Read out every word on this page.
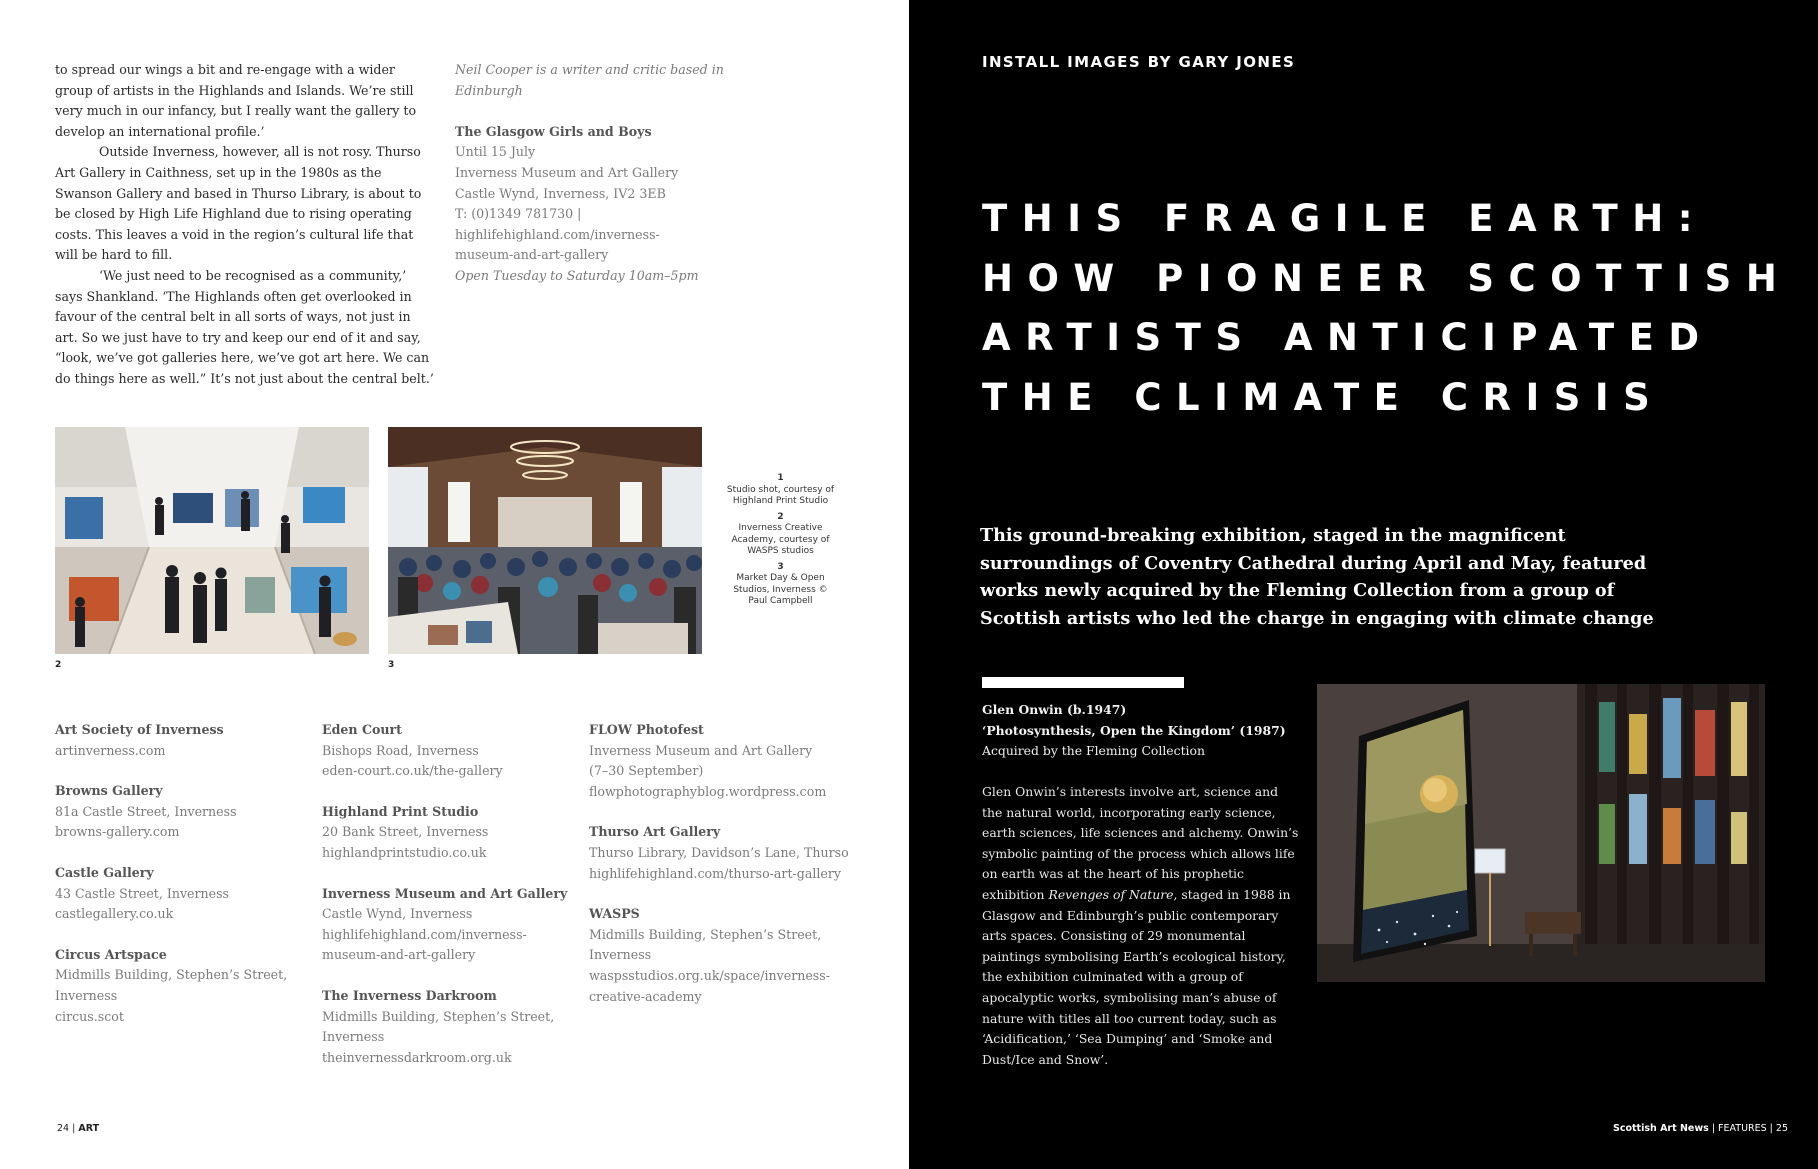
to spread our wings a bit and re-engage with a wider group of artists in the Highlands and Islands. We’re still very much in our infancy, but I really want the gallery to develop an international profile.’

Outside Inverness, however, all is not rosy. Thurso Art Gallery in Caithness, set up in the 1980s as the Swanson Gallery and based in Thurso Library, is about to be closed by High Life Highland due to rising operating costs. This leaves a void in the region’s cultural life that will be hard to fill.

‘We just need to be recognised as a community,’ says Shankland. ‘The Highlands often get overlooked in favour of the central belt in all sorts of ways, not just in art. So we just have to try and keep our end of it and say, “look, we’ve got galleries here, we’ve got art here. We can do things here as well.” It’s not just about the central belt.’

Neil Cooper is a writer and critic based in Edinburgh
The Glasgow Girls and Boys
Until 15 July
Inverness Museum and Art Gallery
Castle Wynd, Inverness, IV2 3EB
T: (0)1349 781730 | highlifehighland.com/inverness-
museum-and-art-gallery
Open Tuesday to Saturday 10am–5pm
2	3
1
Studio shot, courtesy of Highland Print Studio
2
Inverness Creative Academy, courtesy of WASPS studios
3
Market Day & Open Studios, Inverness © Paul Campbell
Art Society of Inverness
artinverness.com
Browns Gallery
81a Castle Street, Inverness
browns-gallery.com
Castle Gallery
43 Castle Street, Inverness
castlegallery.co.uk
Circus Artspace
Midmills Building, Stephen’s Street,
Inverness
circus.scot
Eden Court
Bishops Road, Inverness
eden-court.co.uk/the-gallery
Highland Print Studio
20 Bank Street, Inverness
highlandprintstudio.co.uk
Inverness Museum and Art Gallery
Castle Wynd, Inverness
highlifehighland.com/inverness-
museum-and-art-gallery
The Inverness Darkroom
Midmills Building, Stephen’s Street,
Inverness
theinvernessdarkroom.org.uk
FLOW Photofest
Inverness Museum and Art Gallery
(7–30 September)
flowphotographyblog.wordpress.com
Thurso Art Gallery
Thurso Library, Davidson’s Lane, Thurso
highlifehighland.com/thurso-art-gallery
WASPS
Midmills Building, Stephen’s Street,
Inverness
waspsstudios.org.uk/space/inverness-
creative-academy
24 | ART
INSTALL IMAGES BY GARY JONES
THIS FRAGILE EARTH:
HOW PIONEER SCOTTISH
ARTISTS ANTICIPATED
THE CLIMATE CRISIS
This ground-breaking exhibition, staged in the magnificent surroundings of Coventry Cathedral during April and May, featured works newly acquired by the Fleming Collection from a group of Scottish artists who led the charge in engaging with climate change
Glen Onwin (b.1947)
‘Photosynthesis, Open the Kingdom’ (1987)
Acquired by the Fleming Collection
Glen Onwin’s interests involve art, science and the natural world, incorporating early science, earth sciences, life sciences and alchemy. Onwin’s symbolic painting of the process which allows life on earth was at the heart of his prophetic exhibition Revenges of Nature, staged in 1988 in Glasgow and Edinburgh’s public contemporary arts spaces. Consisting of 29 monumental paintings symbolising Earth’s ecological history, the exhibition culminated with a group of apocalyptic works, symbolising man’s abuse of nature with titles all too current today, such as ‘Acidification,’ ‘Sea Dumping’ and ‘Smoke and Dust/Ice and Snow’.
Scottish Art News | FEATURES | 25
